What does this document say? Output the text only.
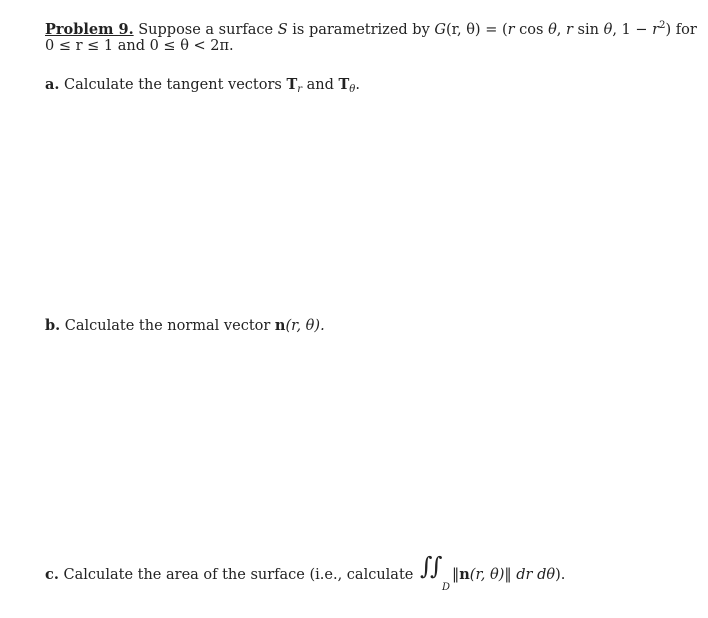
Problem 9. Suppose a surface S is parametrized by G(r, θ) = (r cos θ, r sin θ, $1 - r^2$) for
0 ≤ r ≤ 1 and 0 ≤ θ < 2π.
a. Calculate the tangent vectors $T_r$ and $T_\theta$.
b. Calculate the normal vector n(r, θ).
c. Calculate the area of the surface (i.e., calculate ∫
∫
D
‖n(r, θ)‖ dr dθ).
